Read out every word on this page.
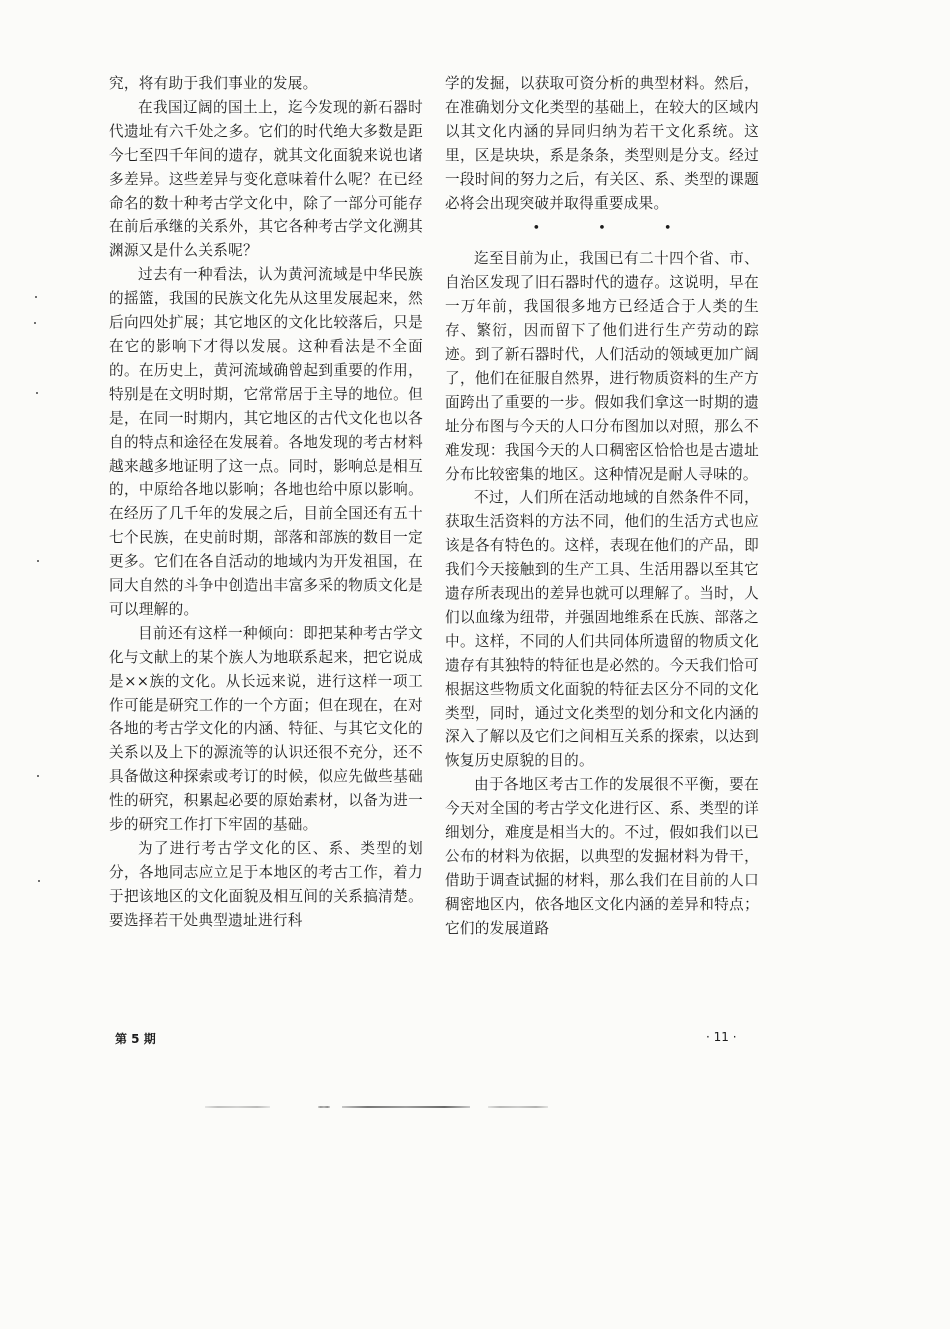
究，将有助于我们事业的发展。

在我国辽阔的国土上，迄今发现的新石器时代遗址有六千处之多。它们的时代绝大多数是距今七至四千年间的遗存，就其文化面貌来说也诸多差异。这些差异与变化意味着什么呢？在已经命名的数十种考古学文化中，除了一部分可能存在前后承继的关系外，其它各种考古学文化溯其渊源又是什么关系呢？

过去有一种看法，认为黄河流域是中华民族的摇篮，我国的民族文化先从这里发展起来，然后向四处扩展；其它地区的文化比较落后，只是在它的影响下才得以发展。这种看法是不全面的。在历史上，黄河流域确曾起到重要的作用，特别是在文明时期，它常常居于主导的地位。但是，在同一时期内，其它地区的古代文化也以各自的特点和途径在发展着。各地发现的考古材料越来越多地证明了这一点。同时，影响总是相互的，中原给各地以影响；各地也给中原以影响。在经历了几千年的发展之后，目前全国还有五十七个民族，在史前时期，部落和部族的数目一定更多。它们在各自活动的地域内为开发祖国，在同大自然的斗争中创造出丰富多采的物质文化是可以理解的。

目前还有这样一种倾向：即把某种考古学文化与文献上的某个族人为地联系起来，把它说成是××族的文化。从长远来说，进行这样一项工作可能是研究工作的一个方面；但在现在，在对各地的考古学文化的内涵、特征、与其它文化的关系以及上下的源流等的认识还很不充分，还不具备做这种探索或考订的时候，似应先做些基础性的研究，积累起必要的原始素材，以备为进一步的研究工作打下牢固的基础。

为了进行考古学文化的区、系、类型的划分，各地同志应立足于本地区的考古工作，着力于把该地区的文化面貌及相互间的关系搞清楚。要选择若干处典型遗址进行科

学的发掘，以获取可资分析的典型材料。然后，在准确划分文化类型的基础上，在较大的区域内以其文化内涵的异同归纳为若干文化系统。这里，区是块块，系是条条，类型则是分支。经过一段时间的努力之后，有关区、系、类型的课题必将会出现突破并取得重要成果。

•	•	•

迄至目前为止，我国已有二十四个省、市、自治区发现了旧石器时代的遗存。这说明，早在一万年前，我国很多地方已经适合于人类的生存、繁衍，因而留下了他们进行生产劳动的踪迹。到了新石器时代，人们活动的领域更加广阔了，他们在征服自然界，进行物质资料的生产方面跨出了重要的一步。假如我们拿这一时期的遗址分布图与今天的人口分布图加以对照，那么不难发现：我国今天的人口稠密区恰恰也是古遗址分布比较密集的地区。这种情况是耐人寻味的。

不过，人们所在活动地域的自然条件不同，获取生活资料的方法不同，他们的生活方式也应该是各有特色的。这样，表现在他们的产品，即我们今天接触到的生产工具、生活用器以至其它遗存所表现出的差异也就可以理解了。当时，人们以血缘为纽带，并强固地维系在氏族、部落之中。这样，不同的人们共同体所遗留的物质文化遗存有其独特的特征也是必然的。今天我们恰可根据这些物质文化面貌的特征去区分不同的文化类型，同时，通过文化类型的划分和文化内涵的深入了解以及它们之间相互关系的探索，以达到恢复历史原貌的目的。

由于各地区考古工作的发展很不平衡，要在今天对全国的考古学文化进行区、系、类型的详细划分，难度是相当大的。不过，假如我们以已公布的材料为依据，以典型的发掘材料为骨干，借助于调查试掘的材料，那么我们在目前的人口稠密地区内，依各地区文化内涵的差异和特点；它们的发展道路

第 5 期	· 11 ·
